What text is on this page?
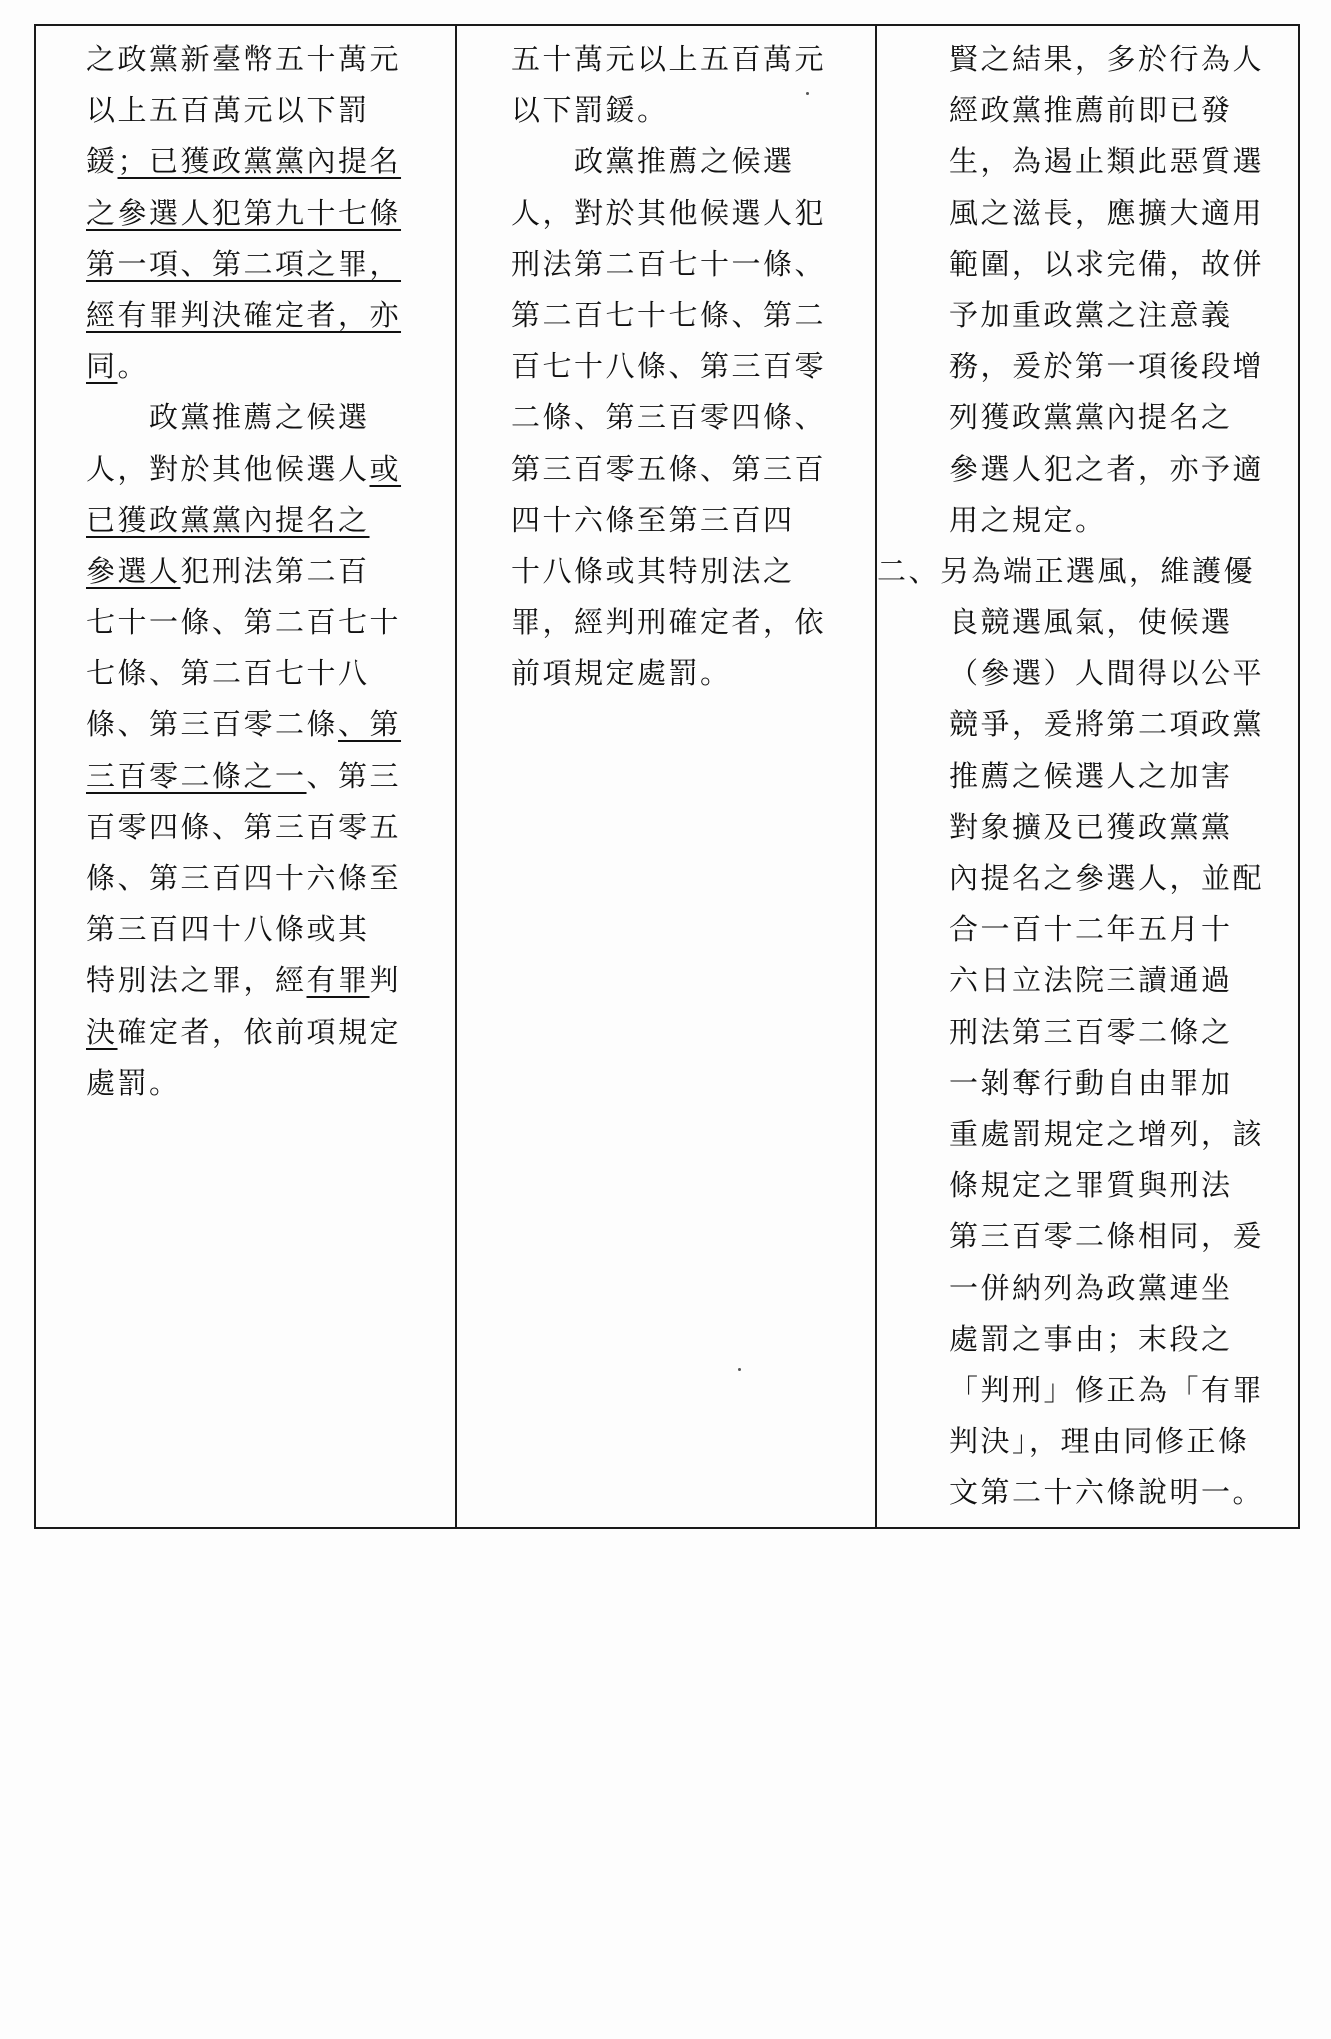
之政黨新臺幣五十萬元
以上五百萬元以下罰
鍰；已獲政黨黨內提名
之參選人犯第九十七條
第一項、第二項之罪，
經有罪判決確定者，亦
同。
　　政黨推薦之候選
人，對於其他候選人或
已獲政黨黨內提名之
參選人犯刑法第二百
七十一條、第二百七十
七條、第二百七十八
條、第三百零二條、第
三百零二條之一、第三
百零四條、第三百零五
條、第三百四十六條至
第三百四十八條或其
特別法之罪，經有罪判
決確定者，依前項規定
處罰。
五十萬元以上五百萬元
以下罰鍰。
　　政黨推薦之候選
人，對於其他候選人犯
刑法第二百七十一條、
第二百七十七條、第二
百七十八條、第三百零
二條、第三百零四條、
第三百零五條、第三百
四十六條至第三百四
十八條或其特別法之
罪，經判刑確定者，依
前項規定處罰。
賢之結果，多於行為人
經政黨推薦前即已發
生，為遏止類此惡質選
風之滋長，應擴大適用
範圍，以求完備，故併
予加重政黨之注意義
務，爰於第一項後段增
列獲政黨黨內提名之
參選人犯之者，亦予適
用之規定。
二、另為端正選風，維護優
良競選風氣，使候選
（參選）人間得以公平
競爭，爰將第二項政黨
推薦之候選人之加害
對象擴及已獲政黨黨
內提名之參選人，並配
合一百十二年五月十
六日立法院三讀通過
刑法第三百零二條之
一剝奪行動自由罪加
重處罰規定之增列，該
條規定之罪質與刑法
第三百零二條相同，爰
一併納列為政黨連坐
處罰之事由；末段之
「判刑」修正為「有罪
判決」，理由同修正條
文第二十六條說明一。
